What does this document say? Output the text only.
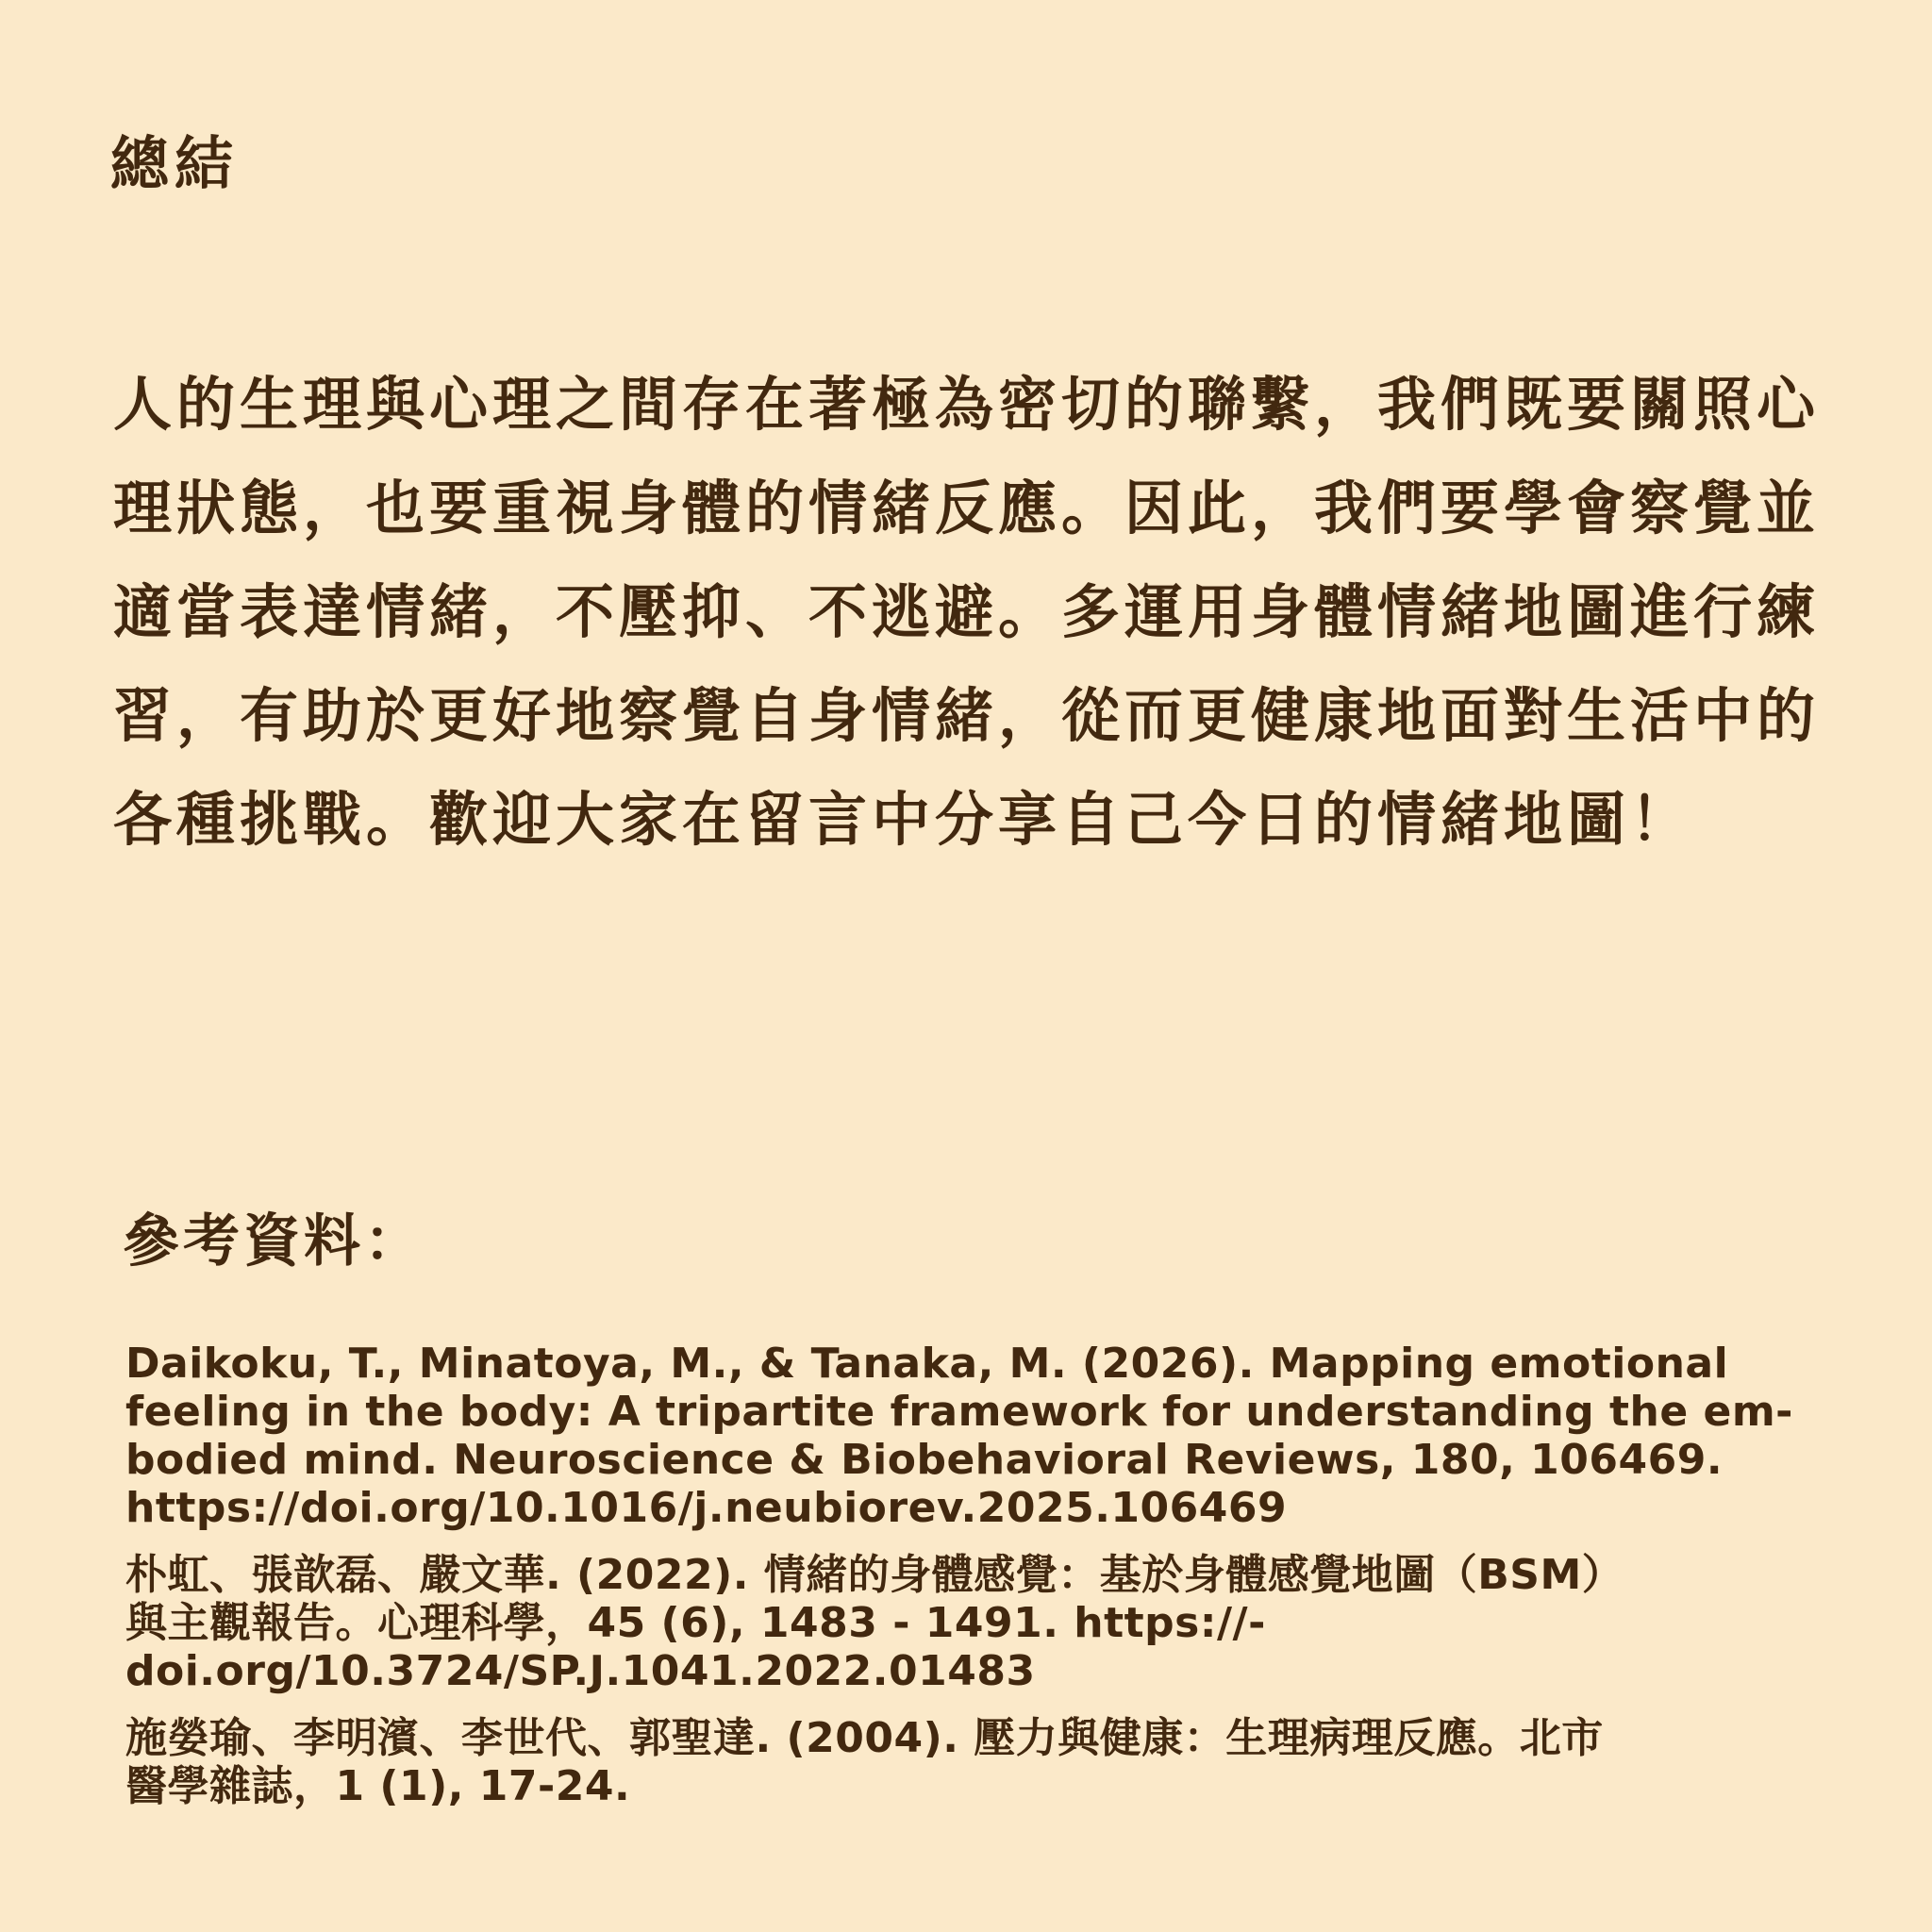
總結
人的生理與心理之間存在著極為密切的聯繫，我們既要關照心
理狀態，也要重視身體的情緒反應。因此，我們要學會察覺並
適當表達情緒，不壓抑、不逃避。多運用身體情緒地圖進行練
習，有助於更好地察覺自身情緒，從而更健康地面對生活中的
各種挑戰。歡迎大家在留言中分享自己今日的情緒地圖！
參考資料：
Daikoku, T., Minatoya, M., & Tanaka, M. (2026). Mapping emotional
feeling in the body: A tripartite framework for understanding the em-
bodied mind. Neuroscience & Biobehavioral Reviews, 180, 106469.
https://doi.org/10.1016/j.neubiorev.2025.106469
朴虹、張歆磊、嚴文華. (2022). 情緒的身體感覺：基於身體感覺地圖（BSM）
與主觀報告。心理科學，45 (6), 1483 - 1491. https://-
doi.org/10.3724/SP.J.1041.2022.01483
施嫈瑜、李明濱、李世代、郭聖達. (2004). 壓力與健康：生理病理反應。北市
醫學雜誌，1 (1), 17-24.
